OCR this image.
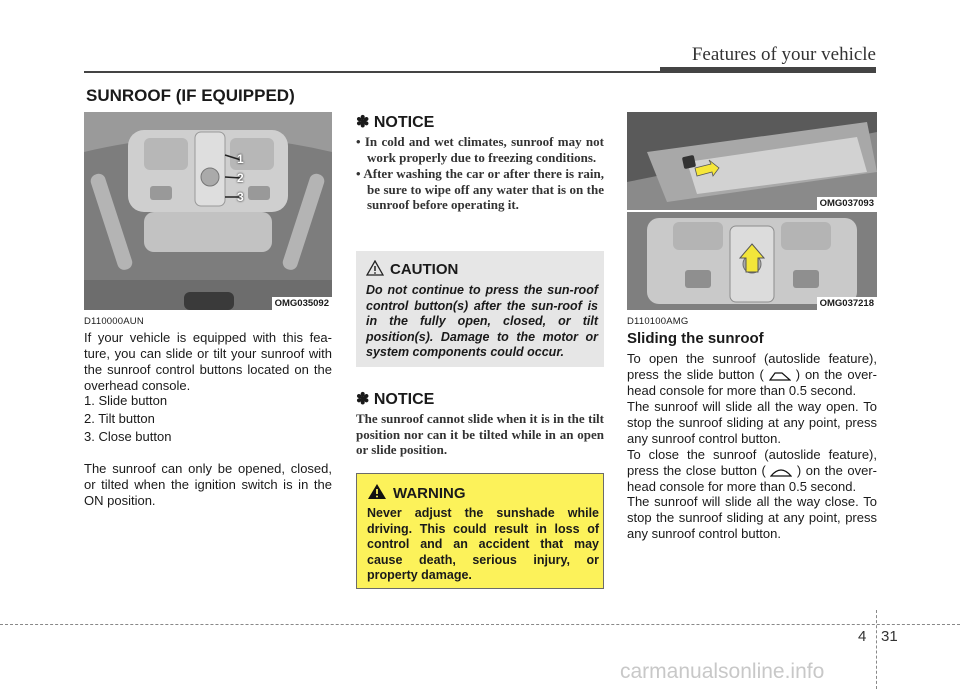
Features of your vehicle
SUNROOF (IF EQUIPPED)
1
2
3
OMG035092
D110000AUN
If your vehicle is equipped with this fea-ture, you can slide or tilt your sunroof with the sunroof control buttons located on the overhead console.

1. Slide button

2. Tilt button

3. Close button

The sunroof can only be opened, closed, or tilted when the ignition switch is in the ON position.
✽ NOTICE
• In cold and wet climates, sunroof may not work properly due to freezing conditions.
• After washing the car or after there is rain, be sure to wipe off any water that is on the sunroof before operating it.
CAUTION
Do not continue to press the sun-roof control button(s) after the sun-roof is in the fully open, closed, or tilt position(s). Damage to the motor or system components could occur.
✽ NOTICE
The sunroof cannot slide when it is in the tilt position nor can it be tilted while in an open or slide position.
WARNING
Never adjust the sunshade while driving. This could result in loss of control and an accident that may cause death, serious injury, or property damage.
OMG037093
OMG037218
D110100AMG
Sliding the sunroof
To open the sunroof (autoslide feature), press the slide button ( ) on the over-head console for more than 0.5 second.
The sunroof will slide all the way open. To stop the sunroof sliding at any point, press any sunroof control button.
To close the sunroof (autoslide feature), press the close button ( ) on the over-head console for more than 0.5 second.
The sunroof will slide all the way close. To stop the sunroof sliding at any point, press any sunroof control button.
4 31
carmanualsonline.info
